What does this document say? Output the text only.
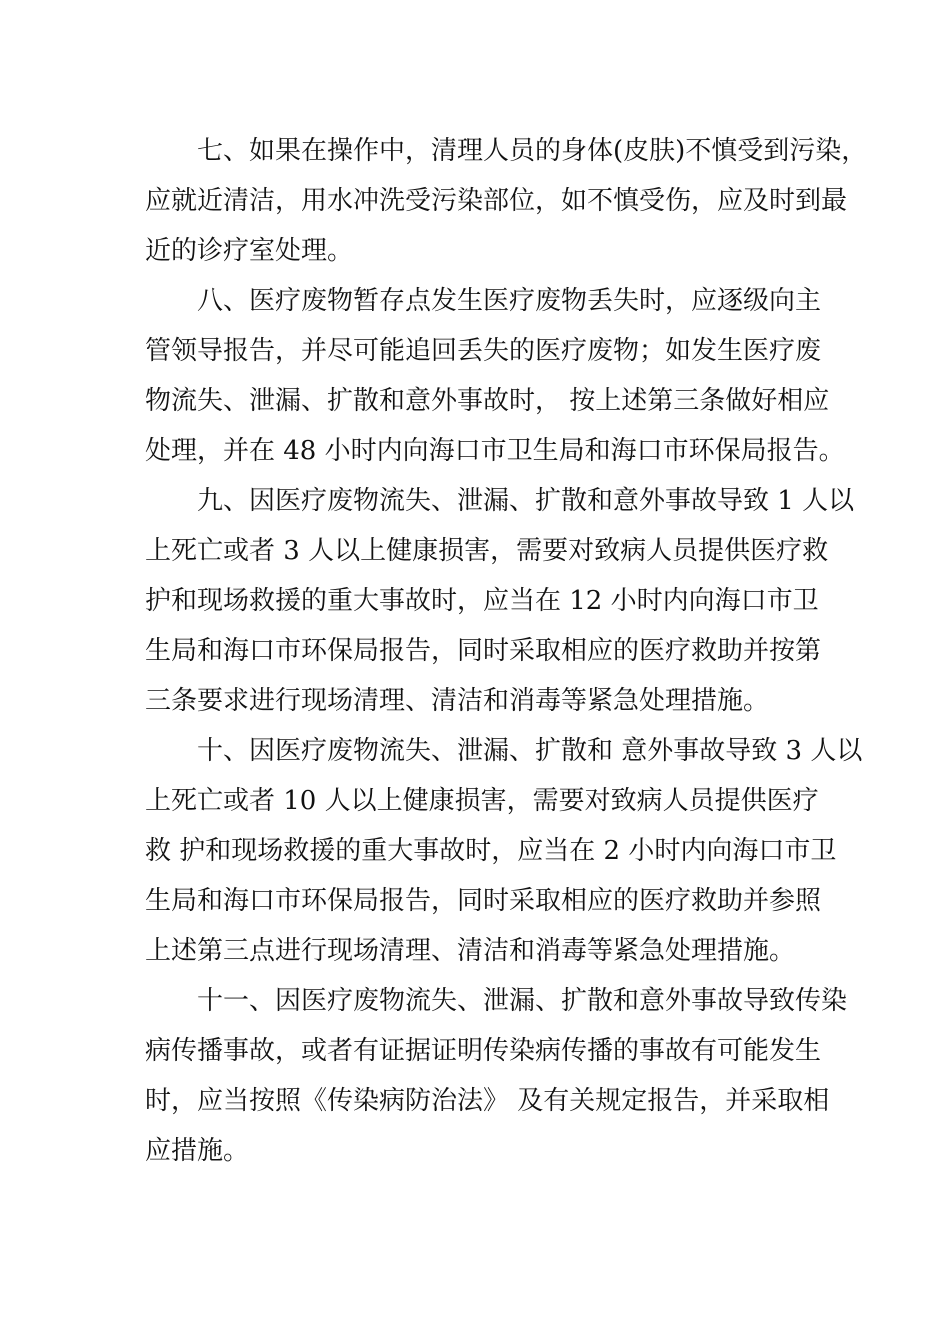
七、如果在操作中，清理人员的身体(皮肤)不慎受到污染，
应就近清洁，用水冲洗受污染部位，如不慎受伤，应及时到最
近的诊疗室处理。
八、医疗废物暂存点发生医疗废物丢失时，应逐级向主
管领导报告，并尽可能追回丢失的医疗废物；如发生医疗废
物流失、泄漏、扩散和意外事故时， 按上述第三条做好相应
处理，并在 48 小时内向海口市卫生局和海口市环保局报告。
九、因医疗废物流失、泄漏、扩散和意外事故导致 1 人以
上死亡或者 3 人以上健康损害，需要对致病人员提供医疗救
护和现场救援的重大事故时，应当在 12 小时内向海口市卫
生局和海口市环保局报告，同时采取相应的医疗救助并按第
三条要求进行现场清理、清洁和消毒等紧急处理措施。
十、因医疗废物流失、泄漏、扩散和 意外事故导致 3 人以
上死亡或者 10 人以上健康损害，需要对致病人员提供医疗
救 护和现场救援的重大事故时，应当在 2 小时内向海口市卫
生局和海口市环保局报告，同时采取相应的医疗救助并参照
上述第三点进行现场清理、清洁和消毒等紧急处理措施。
十一、因医疗废物流失、泄漏、扩散和意外事故导致传染
病传播事故，或者有证据证明传染病传播的事故有可能发生
时，应当按照《传染病防治法》 及有关规定报告，并采取相
应措施。
